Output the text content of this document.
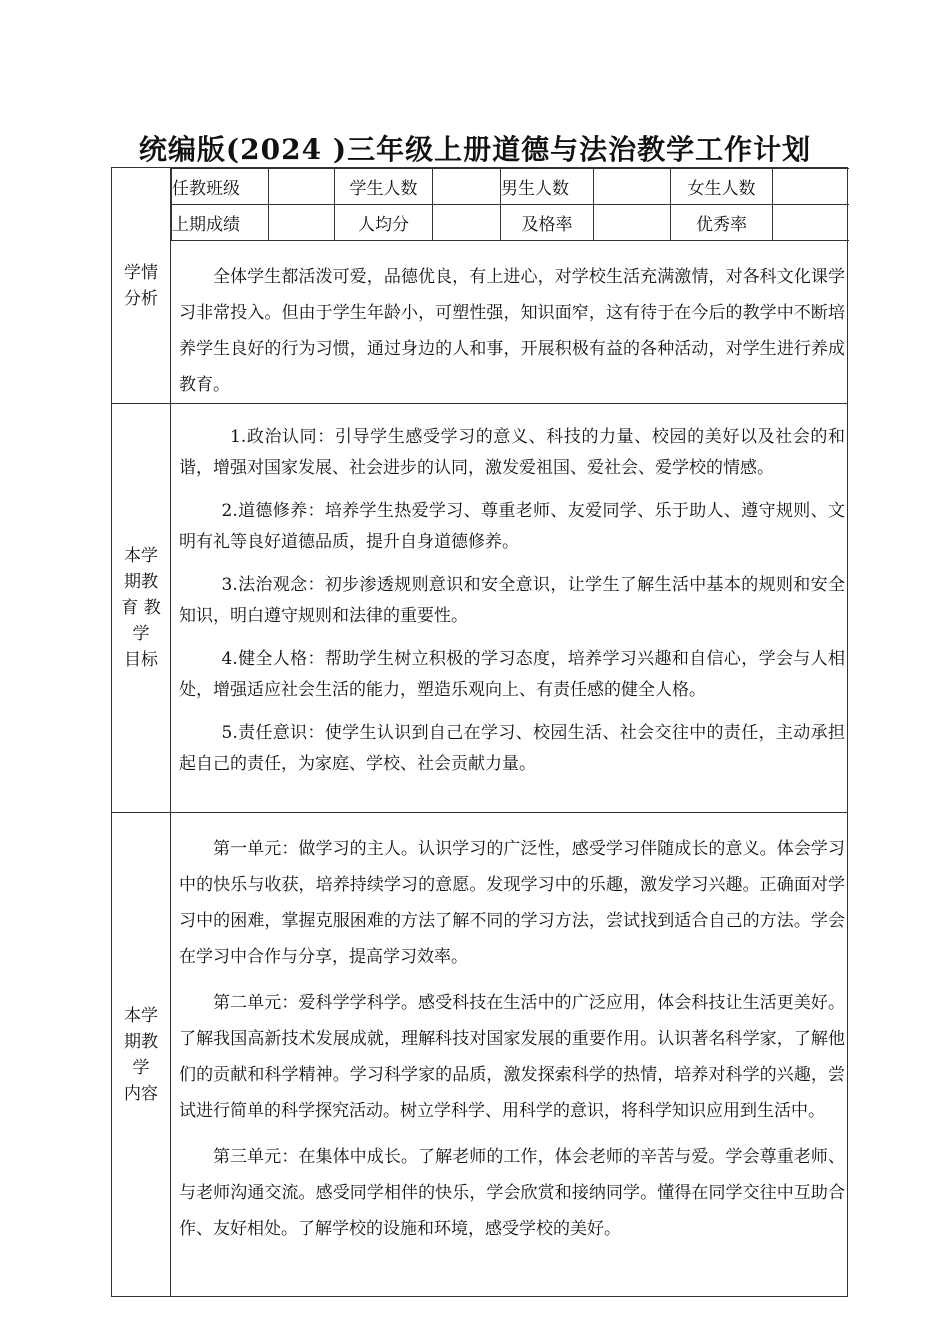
统编版(2024 )三年级上册道德与法治教学工作计划
学情
分析

任教班级		学生人数		男生人数		女生人数	
上期成绩		人均分		及格率		优秀率	
全体学生都活泼可爱，品德优良，有上进心，对学校生活充满激情，对各科文化课学习非常投入。但由于学生年龄小，可塑性强，知识面窄，这有待于在今后的教学中不断培养学生良好的行为习惯，通过身边的人和事，开展积极有益的各种活动，对学生进行养成教育。

本学
期教
育 教
学
目标

1.政治认同：引导学生感受学习的意义、科技的力量、校园的美好以及社会的和谐，增强对国家发展、社会进步的认同，激发爱祖国、爱社会、爱学校的情感。
2.道德修养：培养学生热爱学习、尊重老师、友爱同学、乐于助人、遵守规则、文明有礼等良好道德品质，提升自身道德修养。
3.法治观念：初步渗透规则意识和安全意识，让学生了解生活中基本的规则和安全知识，明白遵守规则和法律的重要性。
4.健全人格：帮助学生树立积极的学习态度，培养学习兴趣和自信心，学会与人相处，增强适应社会生活的能力，塑造乐观向上、有责任感的健全人格。
5.责任意识：使学生认识到自己在学习、校园生活、社会交往中的责任，主动承担起自己的责任，为家庭、学校、社会贡献力量。

本学
期教
学
内容

第一单元：做学习的主人。认识学习的广泛性，感受学习伴随成长的意义。体会学习中的快乐与收获，培养持续学习的意愿。发现学习中的乐趣，激发学习兴趣。正确面对学习中的困难，掌握克服困难的方法了解不同的学习方法，尝试找到适合自己的方法。学会在学习中合作与分享，提高学习效率。
第二单元：爱科学学科学。感受科技在生活中的广泛应用，体会科技让生活更美好。了解我国高新技术发展成就，理解科技对国家发展的重要作用。认识著名科学家，了解他们的贡献和科学精神。学习科学家的品质，激发探索科学的热情，培养对科学的兴趣，尝试进行简单的科学探究活动。树立学科学、用科学的意识，将科学知识应用到生活中。
第三单元：在集体中成长。了解老师的工作，体会老师的辛苦与爱。学会尊重老师、与老师沟通交流。感受同学相伴的快乐，学会欣赏和接纳同学。懂得在同学交往中互助合作、友好相处。了解学校的设施和环境，感受学校的美好。
